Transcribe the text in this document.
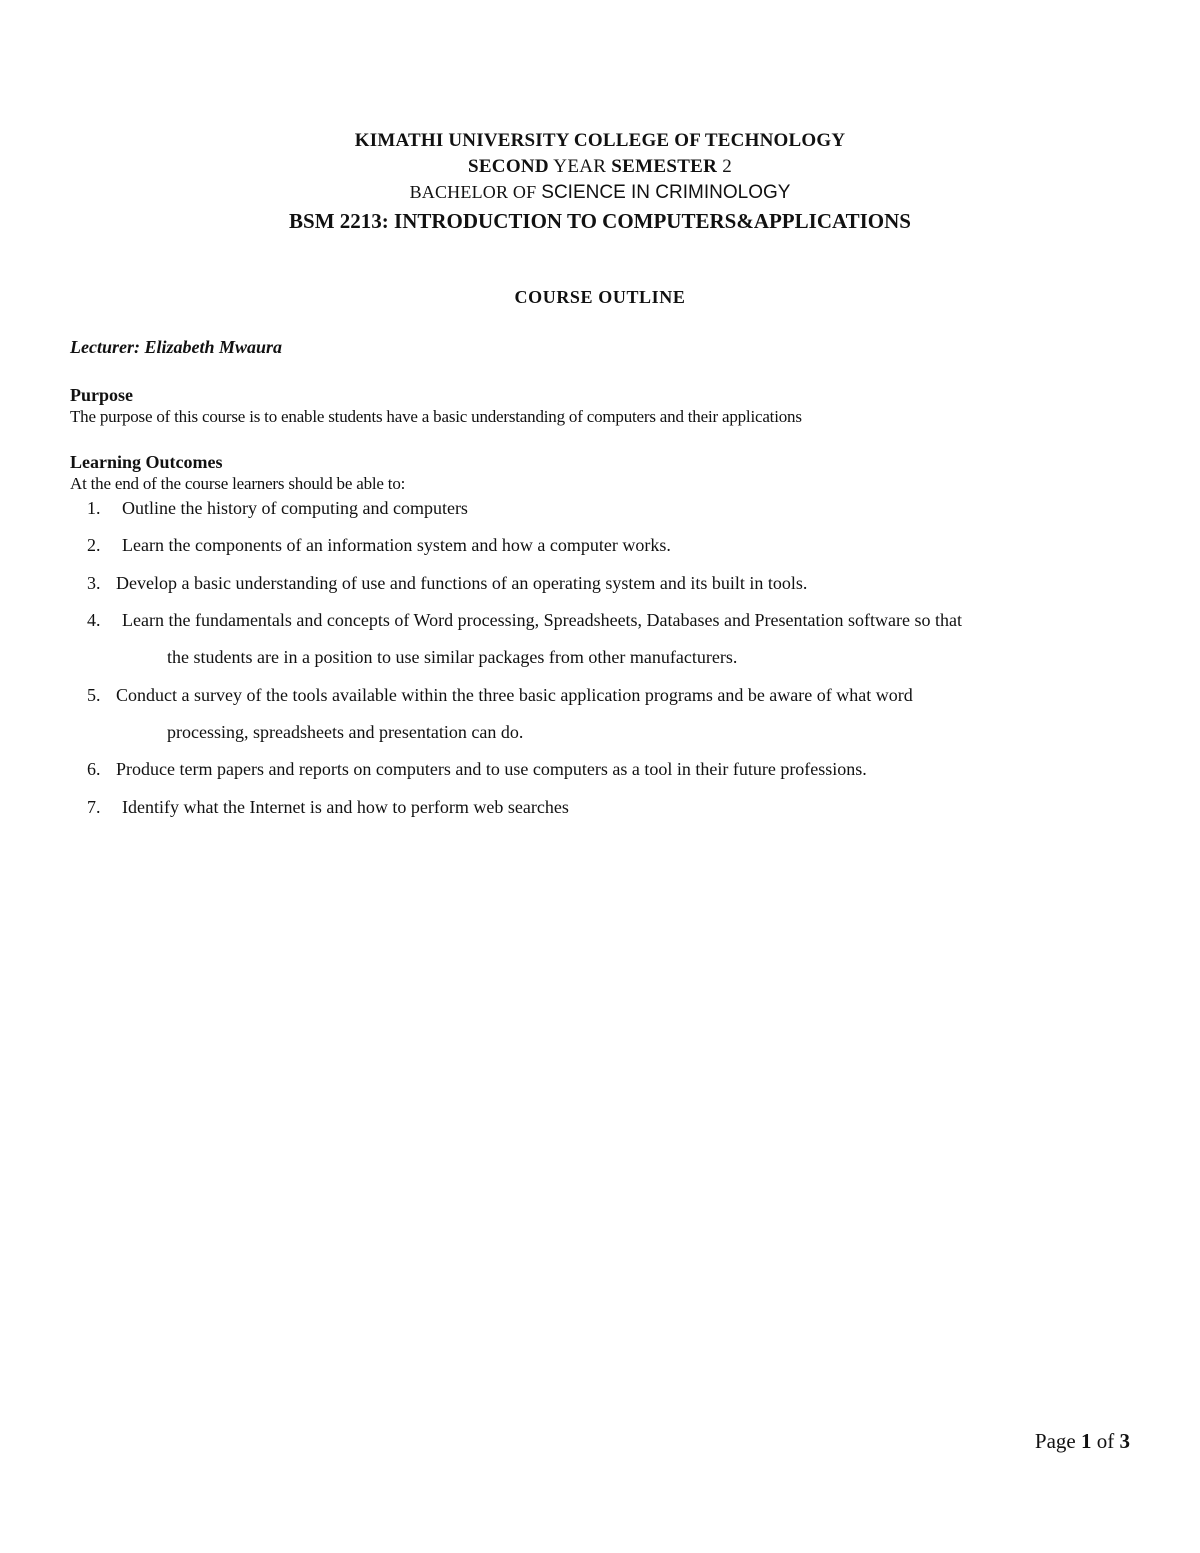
KIMATHI UNIVERSITY COLLEGE OF TECHNOLOGY
SECOND YEAR SEMESTER 2
BACHELOR OF SCIENCE IN CRIMINOLOGY
BSM 2213: INTRODUCTION TO COMPUTERS&APPLICATIONS
COURSE OUTLINE
Lecturer: Elizabeth Mwaura
Purpose
The purpose of this course is to enable students have a basic understanding of computers and their applications
Learning Outcomes
At the end of the course learners should be able to:
1.	Outline the history of computing and computers
2.	Learn the components of an information system and how a computer works.
3. Develop a basic understanding of use and functions of an operating system and its built in tools.
4.	Learn the fundamentals and concepts of Word processing, Spreadsheets, Databases and Presentation software so that
the students are in a position to use similar packages from other manufacturers.
5. Conduct a survey of the tools available within the three basic application programs and be aware of what word
processing, spreadsheets and presentation can do.
6. Produce term papers and reports on computers and to use computers as a tool in their future professions.
7.	Identify what the Internet is and how to perform web searches
Page 1 of 3
